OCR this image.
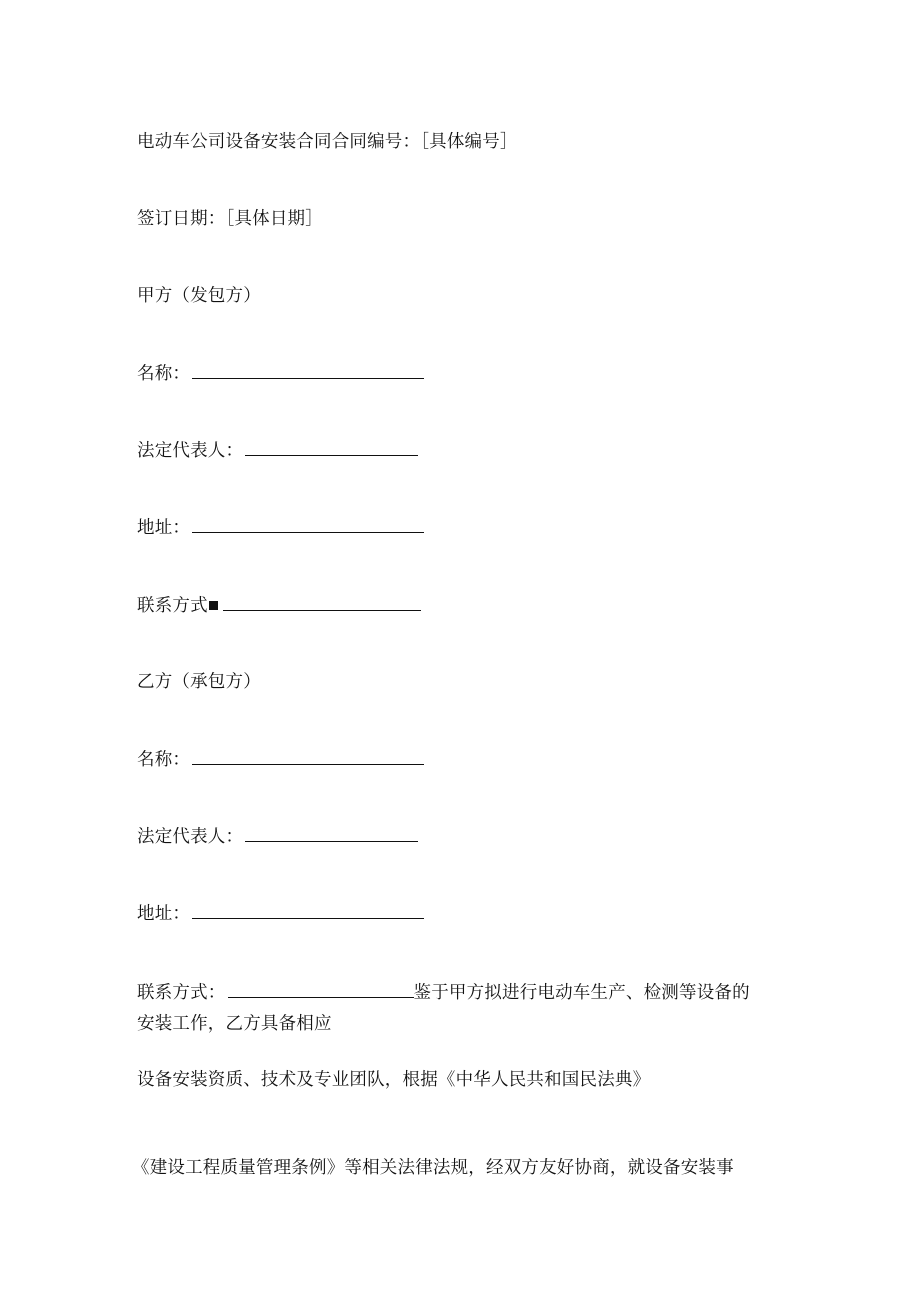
电动车公司设备安装合同合同编号：［具体编号］
签订日期：［具体日期］
甲方（发包方）
名称：
法定代表人：
地址：
联系方式
乙方（承包方）
名称：
法定代表人：
地址：
联系方式：	鉴于甲方拟进行电动车生产、检测等设备的
安装工作，乙方具备相应
设备安装资质、技术及专业团队，根据《中华人民共和国民法典》
《建设工程质量管理条例》等相关法律法规，经双方友好协商，就设备安装事
